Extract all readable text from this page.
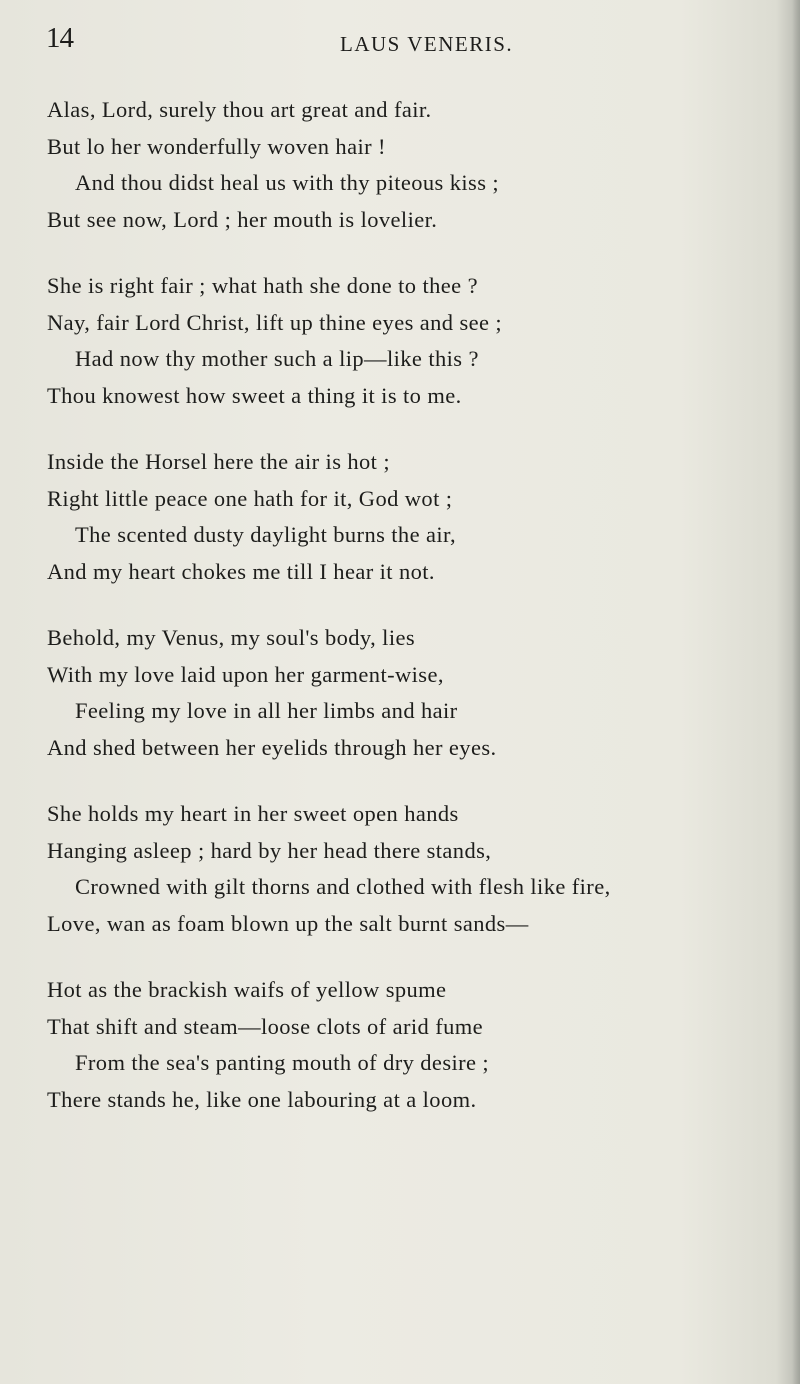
14	LAUS VENERIS.
Alas, Lord, surely thou art great and fair.
But lo her wonderfully woven hair !
And thou didst heal us with thy piteous kiss ;
But see now, Lord ; her mouth is lovelier.
She is right fair ; what hath she done to thee ?
Nay, fair Lord Christ, lift up thine eyes and see ;
Had now thy mother such a lip—like this ?
Thou knowest how sweet a thing it is to me.
Inside the Horsel here the air is hot ;
Right little peace one hath for it, God wot ;
The scented dusty daylight burns the air,
And my heart chokes me till I hear it not.
Behold, my Venus, my soul's body, lies
With my love laid upon her garment-wise,
Feeling my love in all her limbs and hair
And shed between her eyelids through her eyes.
She holds my heart in her sweet open hands
Hanging asleep ; hard by her head there stands,
Crowned with gilt thorns and clothed with flesh like fire,
Love, wan as foam blown up the salt burnt sands—
Hot as the brackish waifs of yellow spume
That shift and steam—loose clots of arid fume
From the sea's panting mouth of dry desire ;
There stands he, like one labouring at a loom.
